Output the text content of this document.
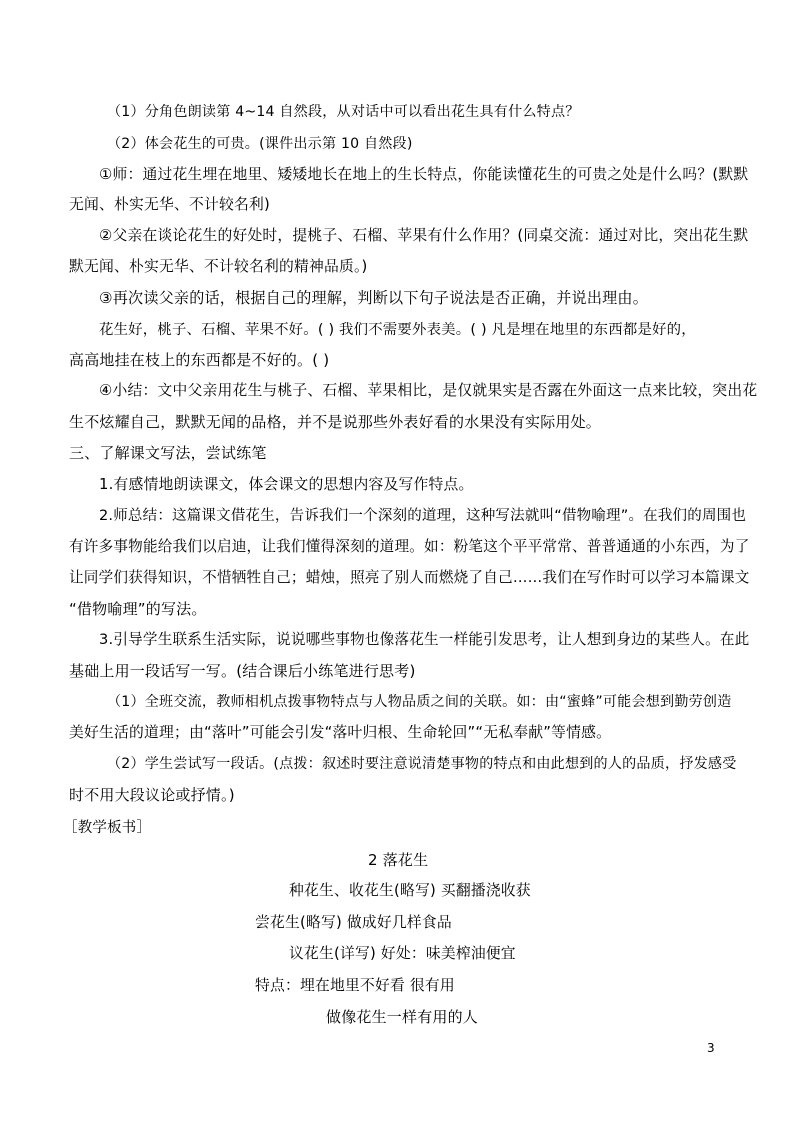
（1）分角色朗读第 4~14 自然段，从对话中可以看出花生具有什么特点？
（2）体会花生的可贵。(课件出示第 10 自然段)
①师：通过花生埋在地里、矮矮地长在地上的生长特点，你能读懂花生的可贵之处是什么吗？(默默
无闻、朴实无华、不计较名利)
②父亲在谈论花生的好处时，提桃子、石榴、苹果有什么作用？(同桌交流：通过对比，突出花生默
默无闻、朴实无华、不计较名利的精神品质。)
③再次读父亲的话，根据自己的理解，判断以下句子说法是否正确，并说出理由。
花生好，桃子、石榴、苹果不好。( ) 我们不需要外表美。( ) 凡是埋在地里的东西都是好的，
高高地挂在枝上的东西都是不好的。( )
④小结：文中父亲用花生与桃子、石榴、苹果相比，是仅就果实是否露在外面这一点来比较，突出花
生不炫耀自己，默默无闻的品格，并不是说那些外表好看的水果没有实际用处。
三、了解课文写法，尝试练笔
1.有感情地朗读课文，体会课文的思想内容及写作特点。
2.师总结：这篇课文借花生，告诉我们一个深刻的道理，这种写法就叫“借物喻理”。在我们的周围也
有许多事物能给我们以启迪，让我们懂得深刻的道理。如：粉笔这个平平常常、普普通通的小东西，为了
让同学们获得知识，不惜牺牲自己；蜡烛，照亮了别人而燃烧了自己……我们在写作时可以学习本篇课文
“借物喻理”的写法。
3.引导学生联系生活实际，说说哪些事物也像落花生一样能引发思考，让人想到身边的某些人。在此
基础上用一段话写一写。(结合课后小练笔进行思考)
（1）全班交流，教师相机点拨事物特点与人物品质之间的关联。如：由“蜜蜂”可能会想到勤劳创造
美好生活的道理；由“落叶”可能会引发“落叶归根、生命轮回”“无私奉献”等情感。
（2）学生尝试写一段话。(点拨：叙述时要注意说清楚事物的特点和由此想到的人的品质，抒发感受
时不用大段议论或抒情。)
［教学板书］
2 落花生
种花生、收花生(略写) 买翻播浇收获
尝花生(略写) 做成好几样食品
议花生(详写) 好处：味美榨油便宜
特点：埋在地里不好看 很有用
做像花生一样有用的人
3
